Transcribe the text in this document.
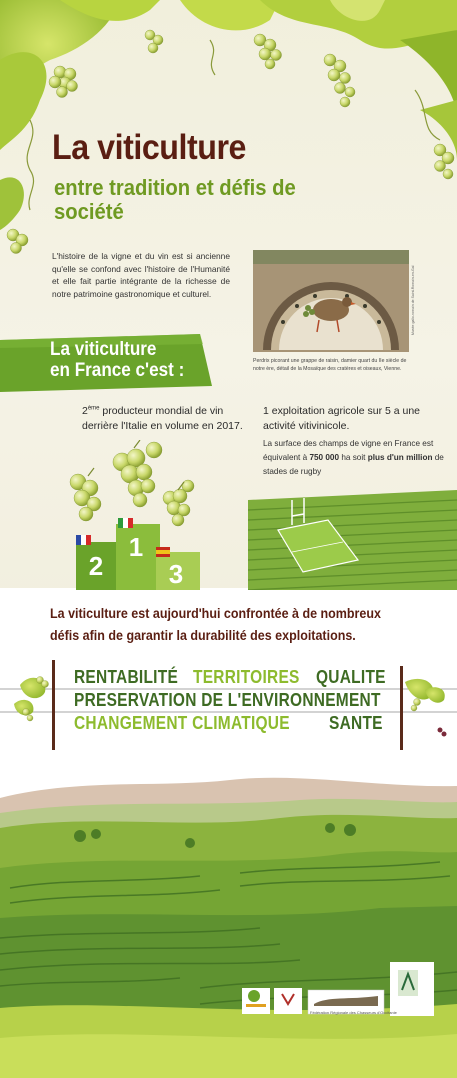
La viticulture
entre tradition et défis de société
L'histoire de la vigne et du vin est si ancienne qu'elle se confond avec l'histoire de l'Humanité et elle fait partie intégrante de la richesse de notre patrimoine gastronomique et culturel.	Musée gallo-romain de Saint-Romain-en-Gal
Perdrix picorant une grappe de raisin, damier quart du IIe siècle de notre ère, détail de la Mosaïque des cratères et oiseaux, Vienne.
La viticulture
en France c'est :
2ème producteur mondial de vin derrière l'Italie en volume en 2017.
1 exploitation agricole sur 5 a une activité vitivinicole.
La surface des champs de vigne en France est équivalent à 750 000 ha soit plus d'un million de stades de rugby
2
1
3
La viticulture est aujourd'hui confrontée à de nombreux défis afin de garantir la durabilité des exploitations.
RENTABILITÉ TERRITOIRES QUALITE
PRESERVATION DE L'ENVIRONNEMENT
CHANGEMENT CLIMATIQUE SANTE
Fédération Régionale des Chasseurs d'Occitanie
